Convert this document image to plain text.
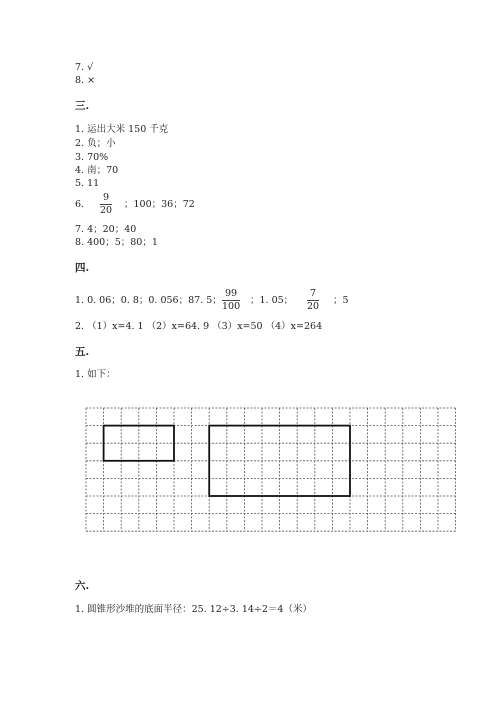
7. √
8. ×
三.
1. 运出大米 150 千克
2. 负；小
3. 70%
4. 南；70
5. 11
6.
9
20
；100；36；72
7. 4；20；40
8. 400；5；80；1
四.
1. 0. 06；0. 8；0. 056；87. 5；
99
100
；1. 05；
7
20
；5
2. （1）x=4. 1 （2）x=64. 9 （3）x=50 （4）x=264
五.
1. 如下：
六.
1. 圆锥形沙堆的底面半径：25. 12÷3. 14÷2＝4（米）
